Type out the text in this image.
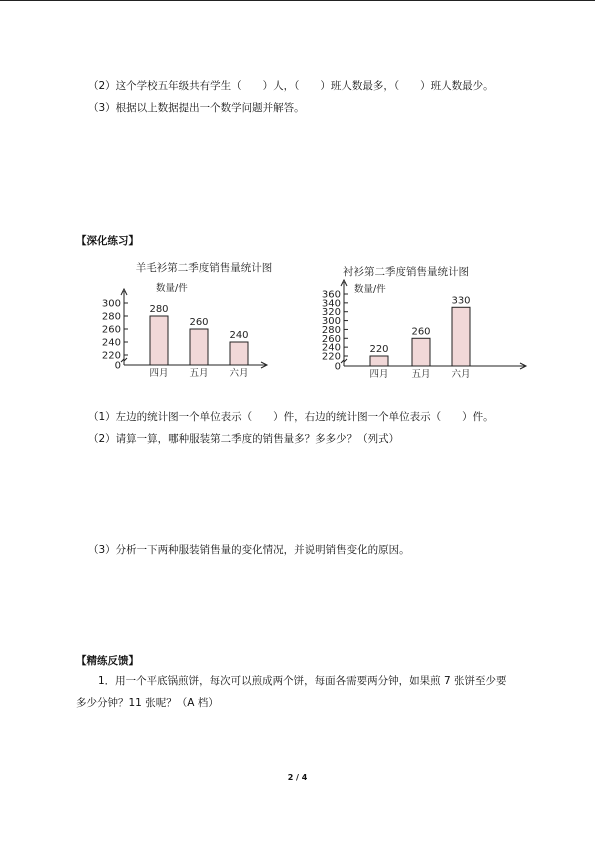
（2）这个学校五年级共有学生（　　）人，（　　）班人数最多，（　　）班人数最少。
（3）根据以上数据提出一个数学问题并解答。
【深化练习】
羊毛衫第二季度销售量统计图
数量/件
0
220
240
260
280
300	280
四月
260
五月
240
六月
衬衫第二季度销售量统计图
数量/件
0
220
240
260
280
300
320
340
360
220
四月
260
五月
330
六月
（1）左边的统计图一个单位表示（　　）件，右边的统计图一个单位表示（　　）件。
（2）请算一算，哪种服装第二季度的销售量多？多多少？（列式）
（3）分析一下两种服装销售量的变化情况，并说明销售变化的原因。
【精练反馈】
1．用一个平底锅煎饼，每次可以煎成两个饼，每面各需要两分钟，如果煎 7 张饼至少要
多少分钟？11 张呢？（A 档）
2 / 4
